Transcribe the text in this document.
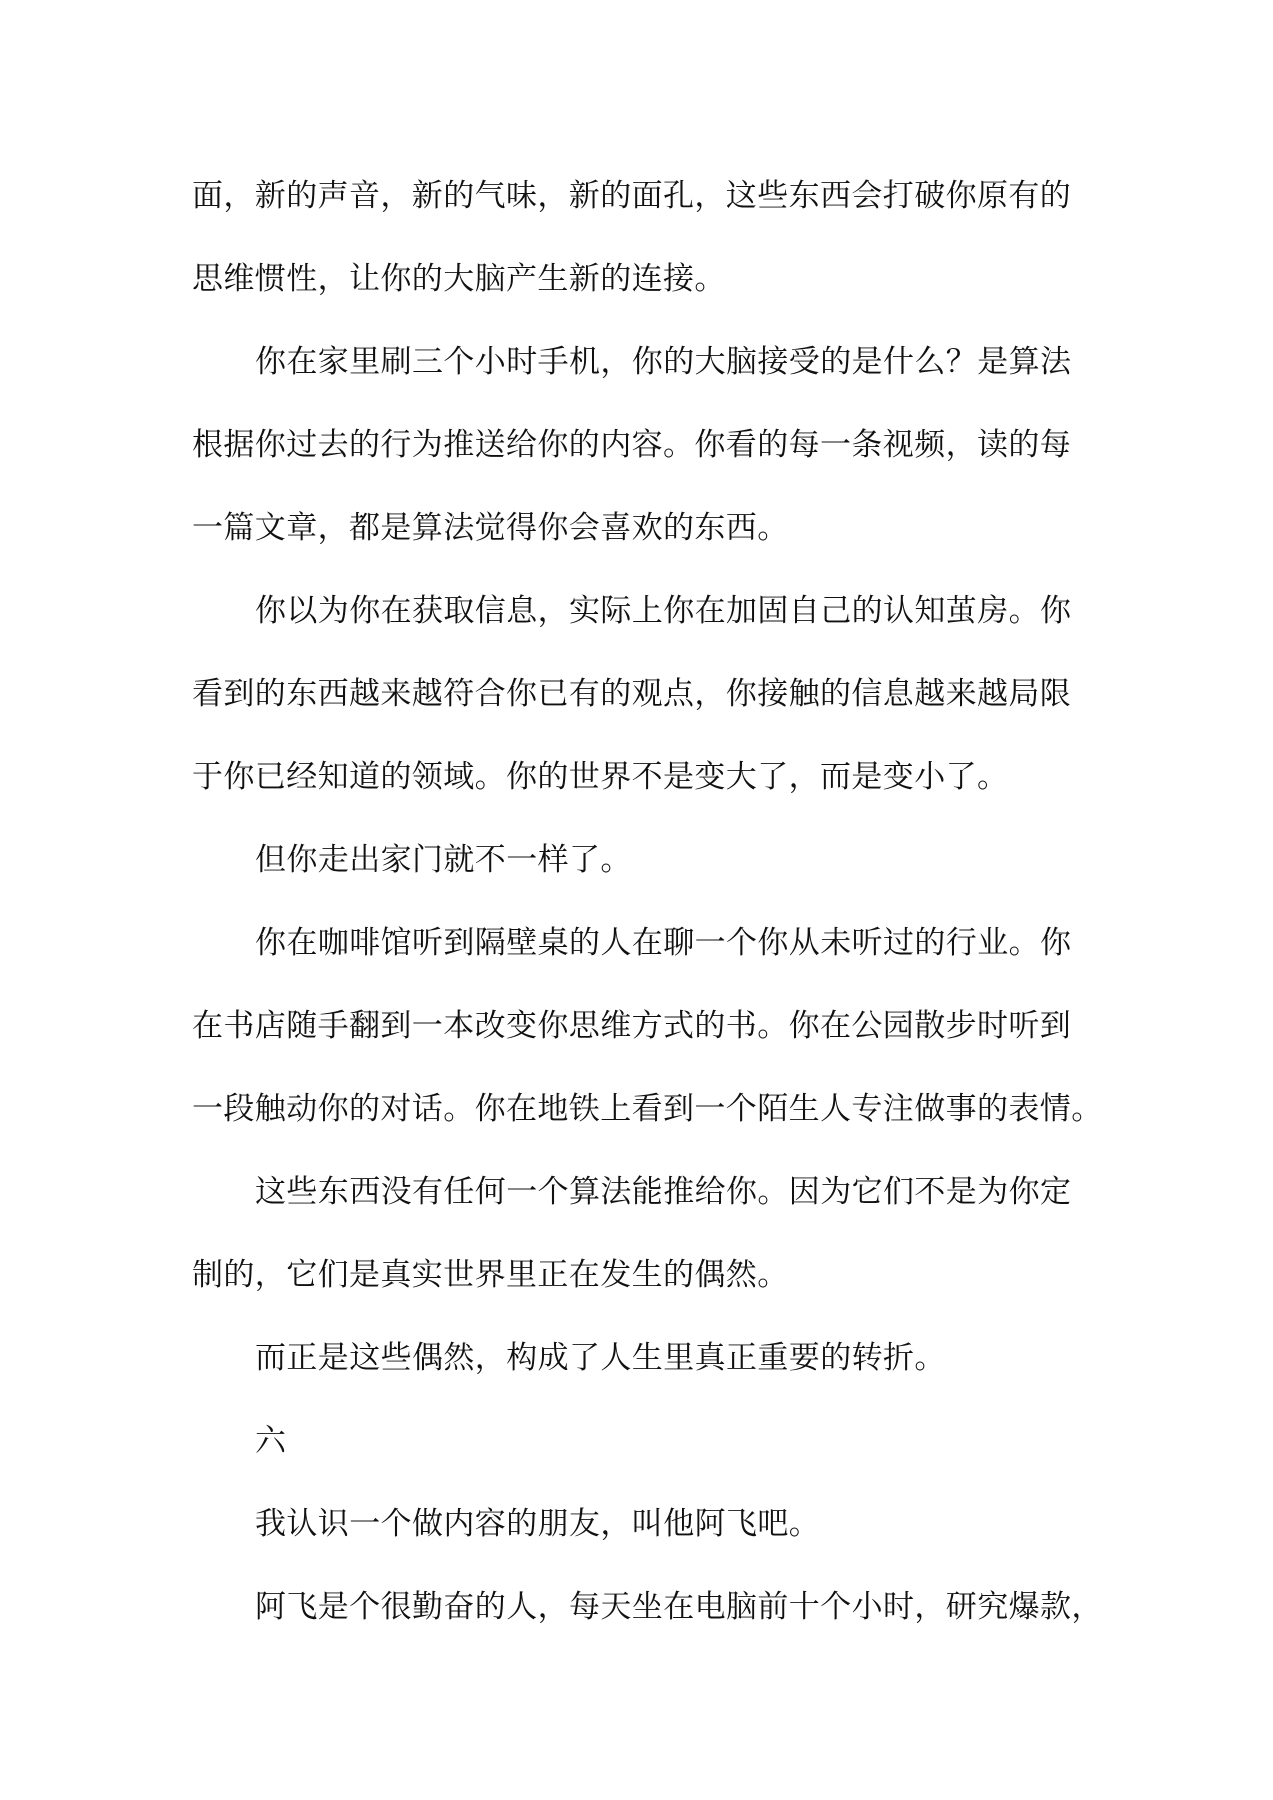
面，新的声音，新的气味，新的面孔，这些东西会打破你原有的
思维惯性，让你的大脑产生新的连接。
你在家里刷三个小时手机，你的大脑接受的是什么？是算法
根据你过去的行为推送给你的内容。你看的每一条视频，读的每
一篇文章，都是算法觉得你会喜欢的东西。
你以为你在获取信息，实际上你在加固自己的认知茧房。你
看到的东西越来越符合你已有的观点，你接触的信息越来越局限
于你已经知道的领域。你的世界不是变大了，而是变小了。
但你走出家门就不一样了。
你在咖啡馆听到隔壁桌的人在聊一个你从未听过的行业。你
在书店随手翻到一本改变你思维方式的书。你在公园散步时听到
一段触动你的对话。你在地铁上看到一个陌生人专注做事的表情。
这些东西没有任何一个算法能推给你。因为它们不是为你定
制的，它们是真实世界里正在发生的偶然。
而正是这些偶然，构成了人生里真正重要的转折。
六
我认识一个做内容的朋友，叫他阿飞吧。
阿飞是个很勤奋的人，每天坐在电脑前十个小时，研究爆款，
